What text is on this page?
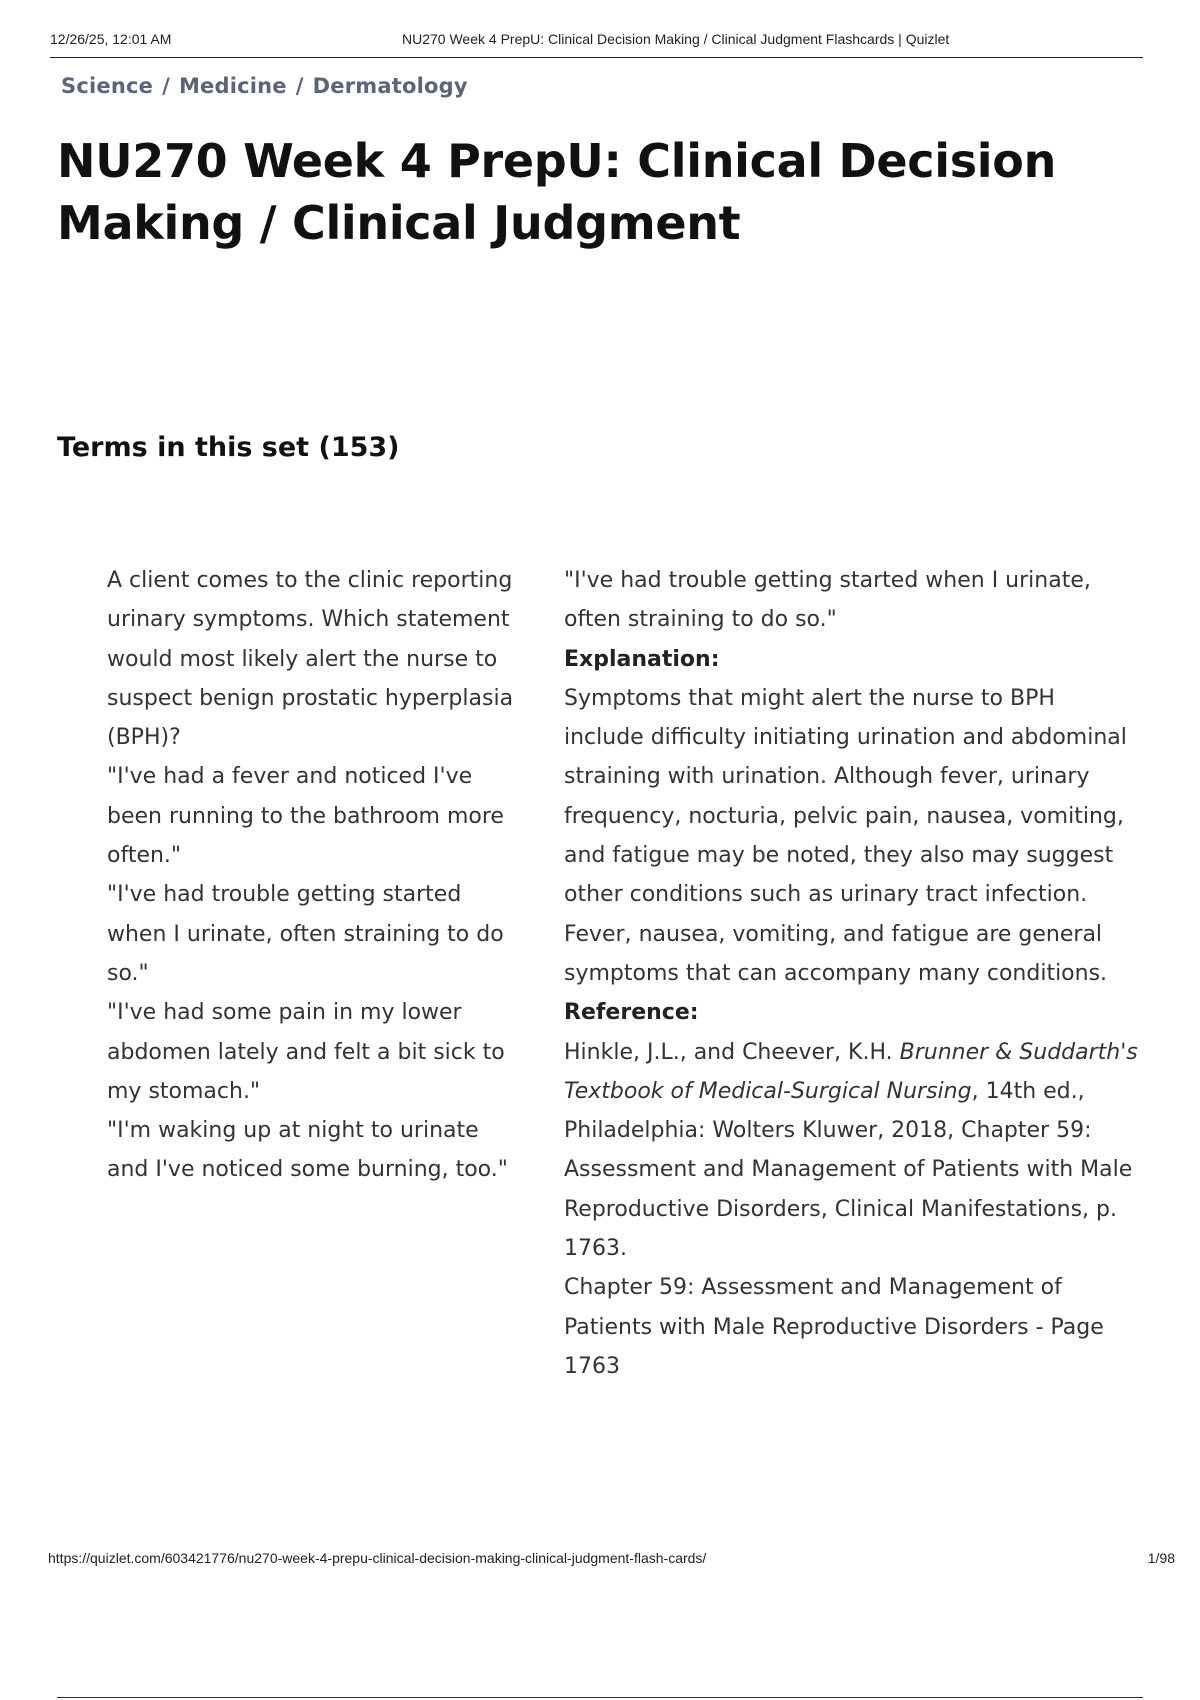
12/26/25, 12:01 AM	NU270 Week 4 PrepU: Clinical Decision Making / Clinical Judgment Flashcards | Quizlet
Science / Medicine / Dermatology
NU270 Week 4 PrepU: Clinical Decision Making / Clinical Judgment
Terms in this set (153)

A client comes to the clinic reporting urinary symptoms. Which statement would most likely alert the nurse to suspect benign prostatic hyperplasia (BPH)?

"I've had a fever and noticed I've been running to the bathroom more often."

"I've had trouble getting started when I urinate, often straining to do so."

"I've had some pain in my lower abdomen lately and felt a bit sick to my stomach."

"I'm waking up at night to urinate and I've noticed some burning, too."

"I've had trouble getting started when I urinate, often straining to do so."

Explanation:

Symptoms that might alert the nurse to BPH include difficulty initiating urination and abdominal straining with urination. Although fever, urinary frequency, nocturia, pelvic pain, nausea, vomiting, and fatigue may be noted, they also may suggest other conditions such as urinary tract infection. Fever, nausea, vomiting, and fatigue are general symptoms that can accompany many conditions.

Reference:

Hinkle, J.L., and Cheever, K.H. Brunner & Suddarth's Textbook of Medical-Surgical Nursing, 14th ed., Philadelphia: Wolters Kluwer, 2018, Chapter 59: Assessment and Management of Patients with Male Reproductive Disorders, Clinical Manifestations, p. 1763.

Chapter 59: Assessment and Management of Patients with Male Reproductive Disorders - Page 1763

https://quizlet.com/603421776/nu270-week-4-prepu-clinical-decision-making-clinical-judgment-flash-cards/	1/98
